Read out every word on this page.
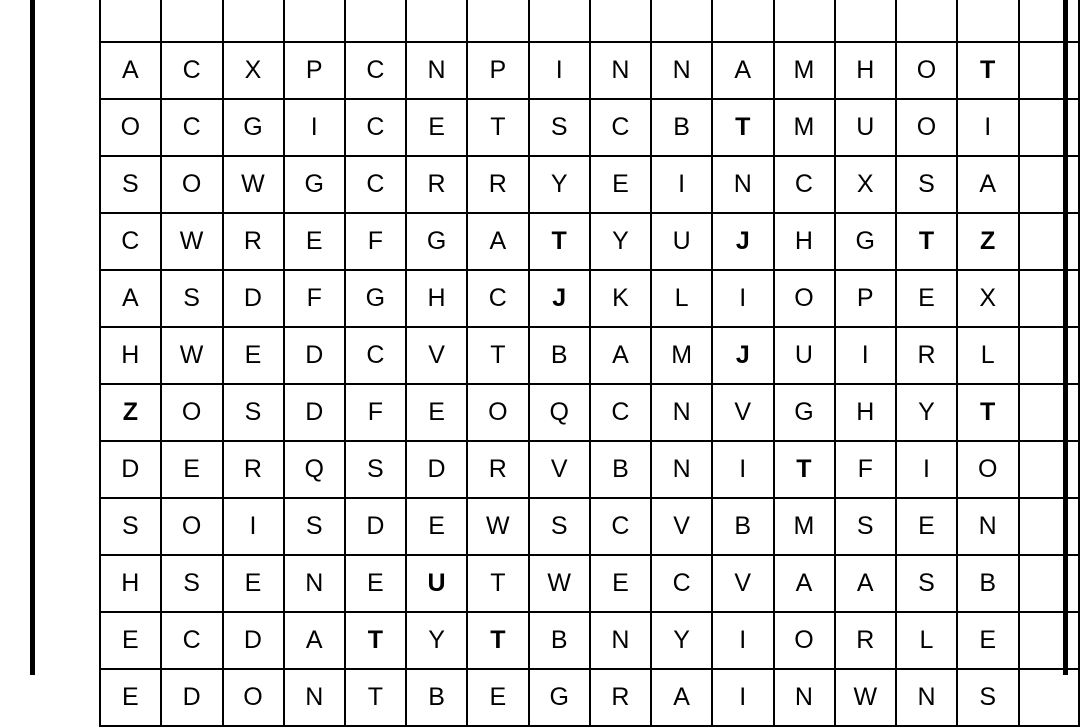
A	C	X	P	C	N	P	I	N	N	A	M	H	O	T	
O	C	G	I	C	E	T	S	C	B	T	M	U	O	I	
S	O	W	G	C	R	R	Y	E	I	N	C	X	S	A	
C	W	R	E	F	G	A	T	Y	U	J	H	G	T	Z	
A	S	D	F	G	H	C	J	K	L	I	O	P	E	X	
H	W	E	D	C	V	T	B	A	M	J	U	I	R	L	
Z	O	S	D	F	E	O	Q	C	N	V	G	H	Y	T	
D	E	R	Q	S	D	R	V	B	N	I	T	F	I	O	
S	O	I	S	D	E	W	S	C	V	B	M	S	E	N	
H	S	E	N	E	U	T	W	E	C	V	A	A	S	B	
E	C	D	A	T	Y	T	B	N	Y	I	O	R	L	E	
E	D	O	N	T	B	E	G	R	A	I	N	W	N	S	
